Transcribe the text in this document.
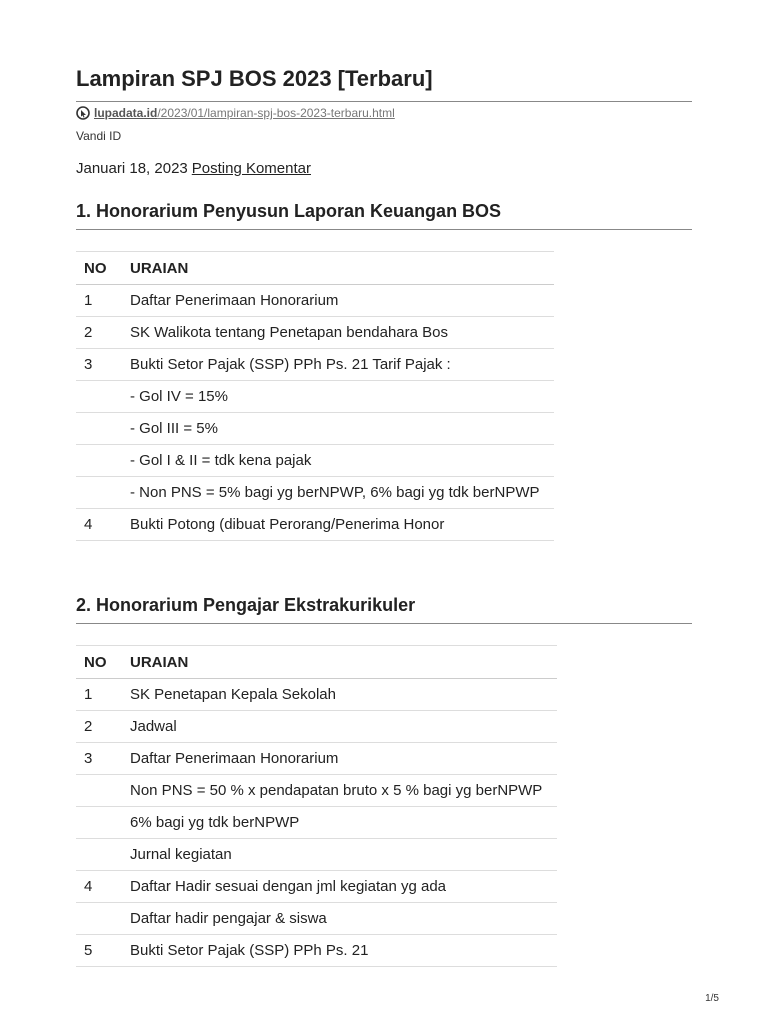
Lampiran SPJ BOS 2023 [Terbaru]
lupadata.id /2023/01/lampiran-spj-bos-2023-terbaru.html
Vandi ID
Januari 18, 2023 Posting Komentar
1. Honorarium Penyusun Laporan Keuangan BOS
NO	URAIAN
1	Daftar Penerimaan Honorarium
2	SK Walikota tentang Penetapan bendahara Bos
3	Bukti Setor Pajak (SSP) PPh Ps. 21 Tarif Pajak :
	- Gol IV = 15%
	- Gol III = 5%
	- Gol I & II = tdk kena pajak
	- Non PNS = 5% bagi yg berNPWP, 6% bagi yg tdk berNPWP
4	Bukti Potong (dibuat Perorang/Penerima Honor
2. Honorarium Pengajar Ekstrakurikuler
NO	URAIAN
1	SK Penetapan Kepala Sekolah
2	Jadwal
3	Daftar Penerimaan Honorarium
	Non PNS = 50 % x pendapatan bruto x 5 % bagi yg berNPWP
	6% bagi yg tdk berNPWP
	Jurnal kegiatan
4	Daftar Hadir sesuai dengan jml kegiatan yg ada
	Daftar hadir pengajar & siswa
5	Bukti Setor Pajak (SSP) PPh Ps. 21
1/5
